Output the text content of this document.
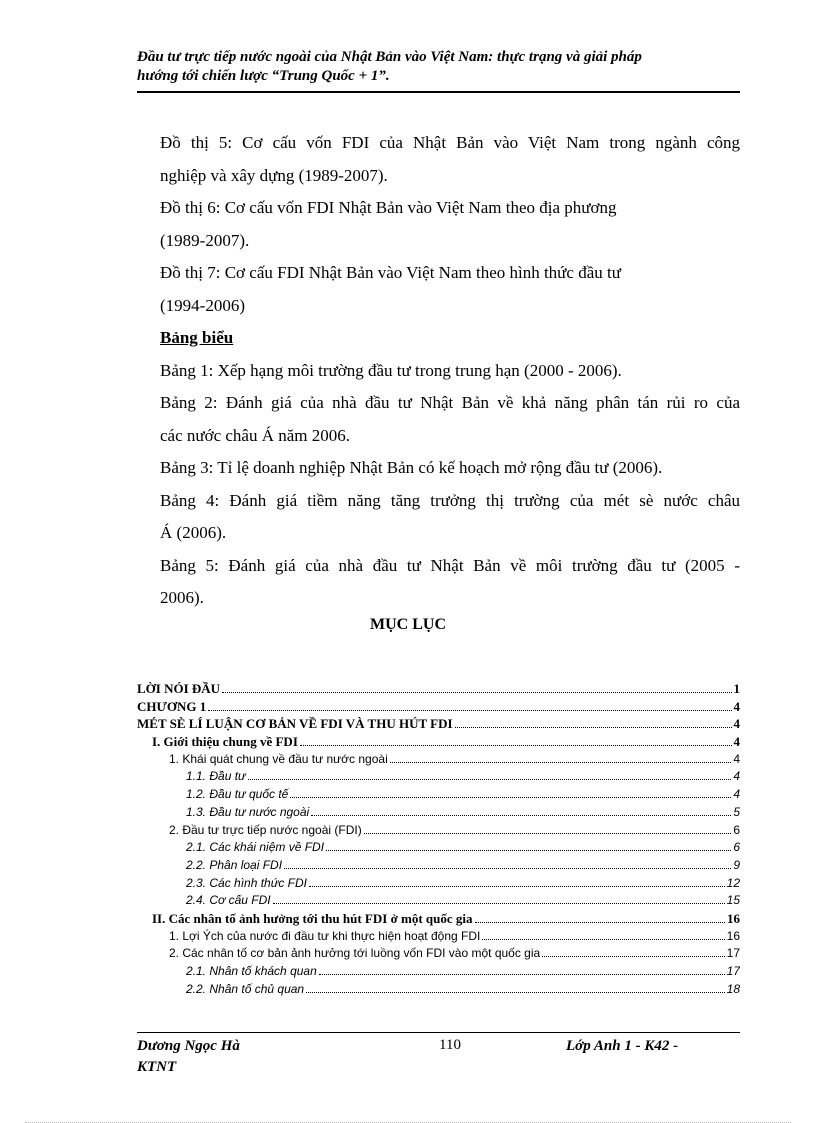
Đầu tư trực tiếp nước ngoài của Nhật Bản vào Việt Nam: thực trạng và giải pháp
hướng tới chiến lược “Trung Quốc + 1”.
Đồ thị 5: Cơ cấu vốn FDI của Nhật Bản vào Việt Nam trong ngành công
nghiệp và xây dựng (1989-2007).
Đồ thị 6: Cơ cấu vốn FDI Nhật Bản vào Việt Nam theo địa phương
(1989-2007).
Đồ thị 7: Cơ cấu FDI Nhật Bản vào Việt Nam theo hình thức đầu tư
(1994-2006)
Bảng biểu
Bảng 1: Xếp hạng môi trường đầu tư trong trung hạn (2000 - 2006).
Bảng 2: Đánh giá của nhà đầu tư Nhật Bản về khả năng phân tán rủi ro của
các nước châu Á năm 2006.
Bảng 3: Tỉ lệ doanh nghiệp Nhật Bản có kế hoạch mở rộng đầu tư (2006).
Bảng 4: Đánh giá tiềm năng tăng trưởng thị trường của mét sè nước châu
Á (2006).
Bảng 5: Đánh giá của nhà đầu tư Nhật Bản về môi trường đầu tư (2005 -
2006).
MỤC LỤC
LỜI NÓI ĐẦU	1
CHƯƠNG 1	4
MÉT SÈ LÍ LUẬN CƠ BẢN VỀ FDI VÀ THU HÚT FDI	4
I. Giới thiệu chung về FDI	4
1. Khái quát chung về đầu tư nước ngoài	4
1.1. Đầu tư	4
1.2. Đầu tư quốc tế	4
1.3. Đầu tư nước ngoài	5
2. Đầu tư trực tiếp nước ngoài (FDI)	6
2.1. Các khái niệm về FDI	6
2.2. Phân loại FDI	9
2.3. Các hình thức FDI	12
2.4. Cơ cấu FDI	15
II. Các nhân tố ảnh hưởng tới thu hút FDI ở một quốc gia	16
1. Lợi Ých của nước đi đầu tư khi thực hiện hoạt động FDI	16
2. Các nhân tố cơ bản ảnh hưởng tới luồng vốn FDI vào một quốc gia	17
2.1. Nhân tố khách quan	17
2.2. Nhân tố chủ quan	18
Dương Ngọc Hà
KTNT
110	Lớp Anh 1 - K42 -
